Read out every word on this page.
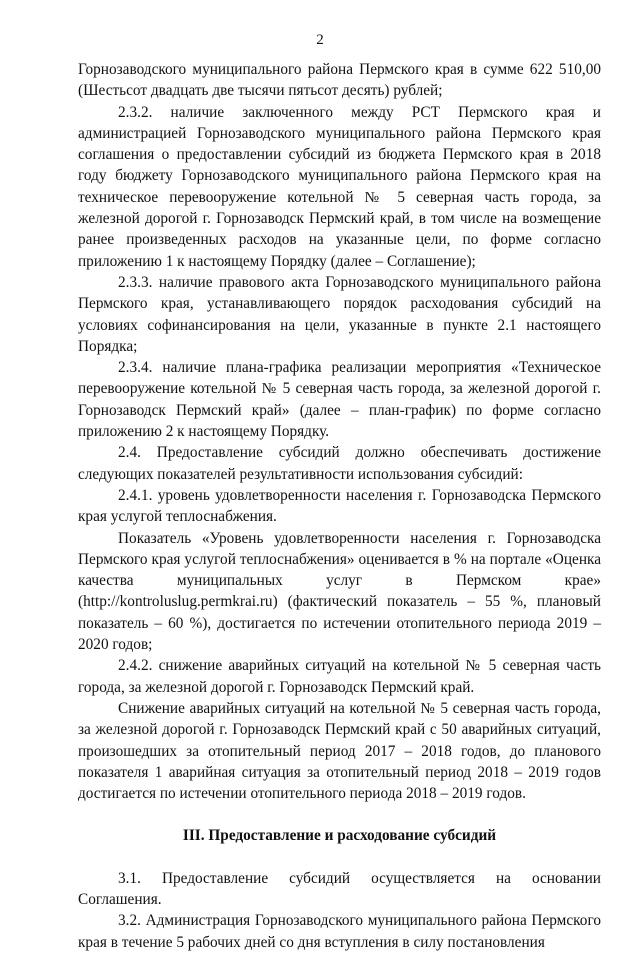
2

Горнозаводского муниципального района Пермского края в сумме 622 510,00 (Шестьсот двадцать две тысячи пятьсот десять) рублей;

2.3.2. наличие заключенного между РСТ Пермского края и администрацией Горнозаводского муниципального района Пермского края соглашения о предоставлении субсидий из бюджета Пермского края в 2018 году бюджету Горнозаводского муниципального района Пермского края на техническое перевооружение котельной № 5 северная часть города, за железной дорогой г. Горнозаводск Пермский край, в том числе на возмещение ранее произведенных расходов на указанные цели, по форме согласно приложению 1 к настоящему Порядку (далее – Соглашение);

2.3.3. наличие правового акта Горнозаводского муниципального района Пермского края, устанавливающего порядок расходования субсидий на условиях софинансирования на цели, указанные в пункте 2.1 настоящего Порядка;

2.3.4. наличие плана-графика реализации мероприятия «Техническое перевооружение котельной № 5 северная часть города, за железной дорогой г. Горнозаводск Пермский край» (далее – план-график) по форме согласно приложению 2 к настоящему Порядку.

2.4. Предоставление субсидий должно обеспечивать достижение следующих показателей результативности использования субсидий:

2.4.1. уровень удовлетворенности населения г. Горнозаводска Пермского края услугой теплоснабжения.

Показатель «Уровень удовлетворенности населения г. Горнозаводска Пермского края услугой теплоснабжения» оценивается в % на портале «Оценка качества муниципальных услуг в Пермском крае» (http://kontroluslug.permkrai.ru) (фактический показатель – 55 %, плановый показатель – 60 %), достигается по истечении отопительного периода 2019 – 2020 годов;

2.4.2. снижение аварийных ситуаций на котельной № 5 северная часть города, за железной дорогой г. Горнозаводск Пермский край.

Снижение аварийных ситуаций на котельной № 5 северная часть города, за железной дорогой г. Горнозаводск Пермский край с 50 аварийных ситуаций, произошедших за отопительный период 2017 – 2018 годов, до планового показателя 1 аварийная ситуация за отопительный период 2018 – 2019 годов достигается по истечении отопительного периода 2018 – 2019 годов.

III. Предоставление и расходование субсидий

3.1. Предоставление субсидий осуществляется на основании Соглашения.

3.2. Администрация Горнозаводского муниципального района Пермского края в течение 5 рабочих дней со дня вступления в силу постановления
